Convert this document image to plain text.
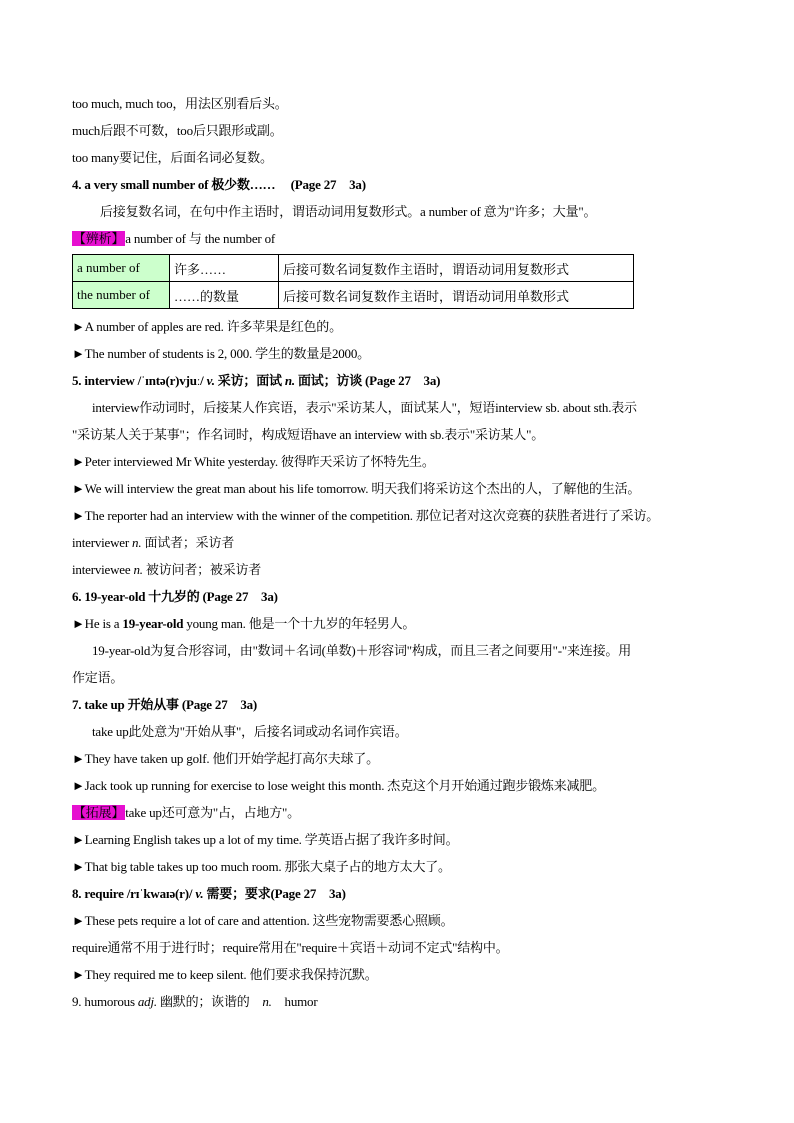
too much, much too，用法区别看后头。
much后跟不可数，too后只跟形或副。
too many要记住，后面名词必复数。
4. a very small number of 极少数…… (Page 27　3a)
后接复数名词，在句中作主语时，谓语动词用复数形式。a number of 意为"许多；大量"。
【辨析】a number of 与 the number of
a number of	许多……	后接可数名词复数作主语时，谓语动词用复数形式
the number of	……的数量	后接可数名词复数作主语时，谓语动词用单数形式
►A number of apples are red. 许多苹果是红色的。
►The number of students is 2, 000. 学生的数量是2000。
5. interview /ˈɪntə(r)vjuː/ v. 采访；面试 n. 面试；访谈 (Page 27　3a)
interview作动词时，后接某人作宾语，表示"采访某人，面试某人"，短语interview sb. about sth.表示
"采访某人关于某事"；作名词时，构成短语have an interview with sb.表示"采访某人"。
►Peter interviewed Mr White yesterday. 彼得昨天采访了怀特先生。
►We will interview the great man about his life tomorrow. 明天我们将采访这个杰出的人，了解他的生活。
►The reporter had an interview with the winner of the competition. 那位记者对这次竞赛的获胜者进行了采访。
interviewer n. 面试者；采访者
interviewee n. 被访问者；被采访者
6. 19-year-old 十九岁的 (Page 27　3a)
►He is a 19-year-old young man. 他是一个十九岁的年轻男人。
19-year-old为复合形容词，由"数词＋名词(单数)＋形容词"构成，而且三者之间要用"-"来连接。用
作定语。
7. take up 开始从事 (Page 27　3a)
take up此处意为"开始从事"，后接名词或动名词作宾语。
►They have taken up golf. 他们开始学起打高尔夫球了。
►Jack took up running for exercise to lose weight this month. 杰克这个月开始通过跑步锻炼来减肥。
【拓展】take up还可意为"占，占地方"。
►Learning English takes up a lot of my time. 学英语占据了我许多时间。
►That big table takes up too much room. 那张大桌子占的地方太大了。
8. require /rɪˈkwaɪə(r)/ v. 需要；要求(Page 27　3a)
►These pets require a lot of care and attention. 这些宠物需要悉心照顾。
require通常不用于进行时；require常用在"require＋宾语＋动词不定式"结构中。
►They required me to keep silent. 他们要求我保持沉默。
9. humorous adj. 幽默的；诙谐的　n.　humor
